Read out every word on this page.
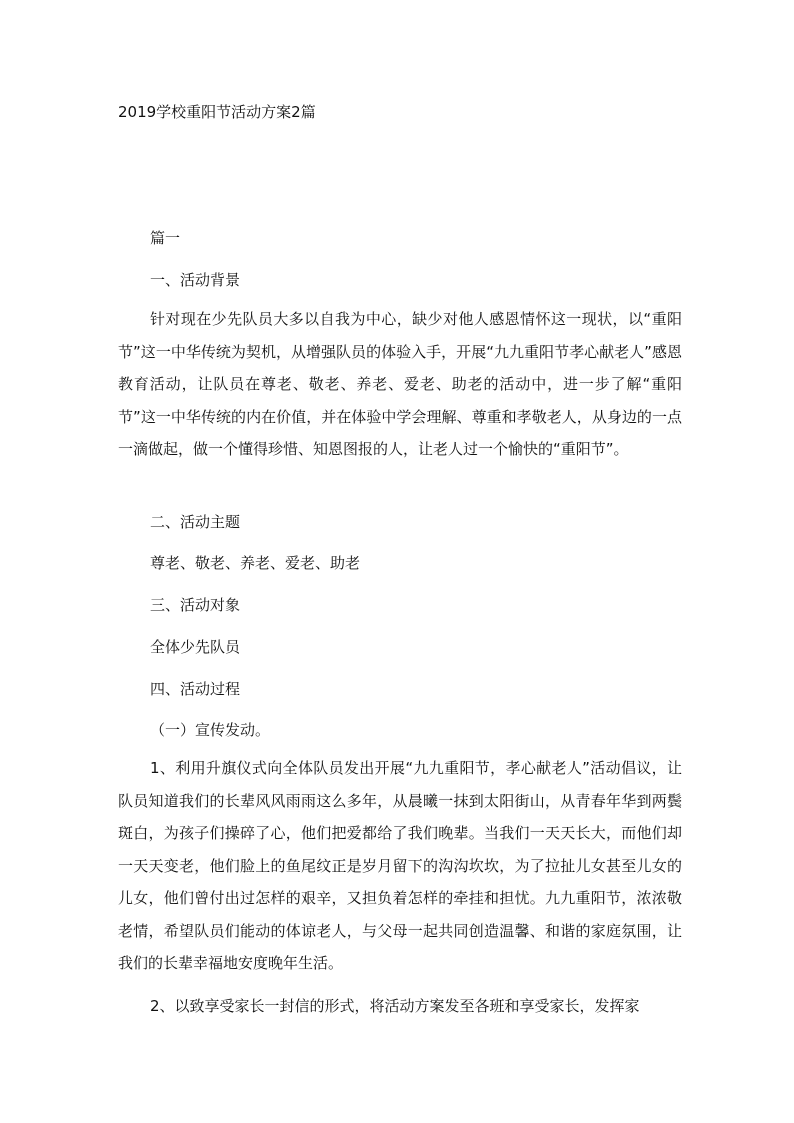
2019学校重阳节活动方案2篇

篇一

一、活动背景

针对现在少先队员大多以自我为中心，缺少对他人感恩情怀这一现状，以“重阳节”这一中华传统为契机，从增强队员的体验入手，开展“九九重阳节孝心献老人”感恩教育活动，让队员在尊老、敬老、养老、爱老、助老的活动中，进一步了解“重阳节”这一中华传统的内在价值，并在体验中学会理解、尊重和孝敬老人，从身边的一点一滴做起，做一个懂得珍惜、知恩图报的人，让老人过一个愉快的“重阳节”。

二、活动主题

尊老、敬老、养老、爱老、助老

三、活动对象

全体少先队员

四、活动过程

（一）宣传发动。

1、利用升旗仪式向全体队员发出开展“九九重阳节，孝心献老人”活动倡议，让队员知道我们的长辈风风雨雨这么多年，从晨曦一抹到太阳街山，从青春年华到两鬓斑白，为孩子们操碎了心，他们把爱都给了我们晚辈。当我们一天天长大，而他们却一天天变老，他们脸上的鱼尾纹正是岁月留下的沟沟坎坎，为了拉扯儿女甚至儿女的儿女，他们曾付出过怎样的艰辛，又担负着怎样的牵挂和担忧。九九重阳节，浓浓敬老情，希望队员们能动的体谅老人，与父母一起共同创造温馨、和谐的家庭氛围，让我们的长辈幸福地安度晚年生活。

2、以致享受家长一封信的形式，将活动方案发至各班和享受家长，发挥家
